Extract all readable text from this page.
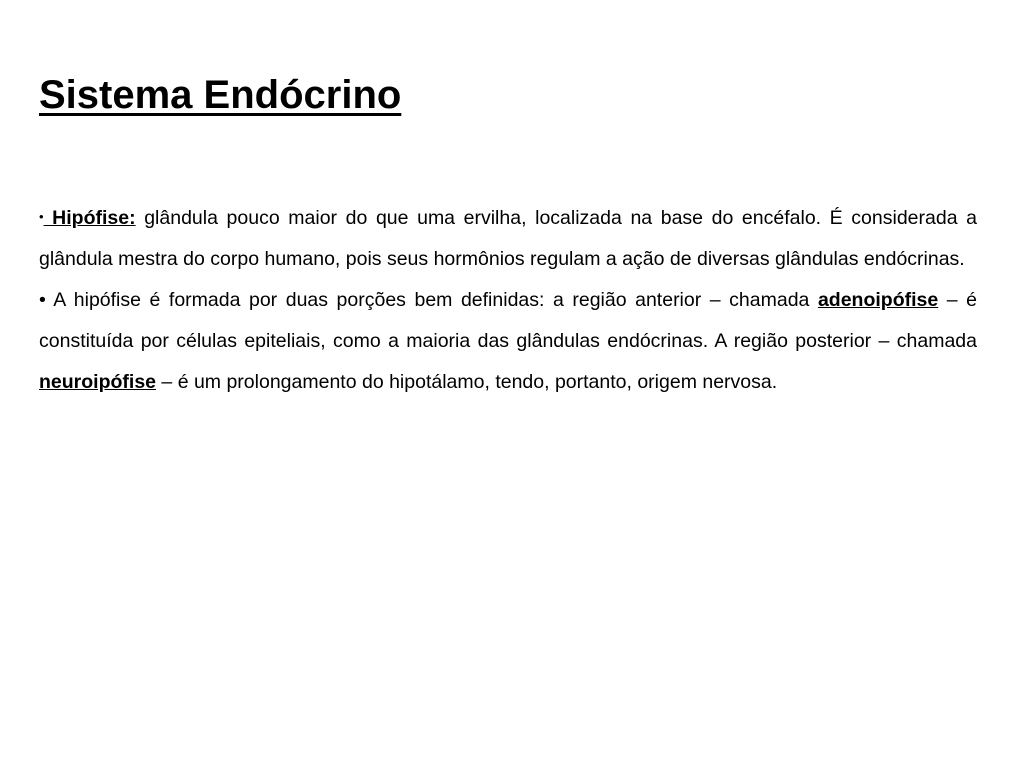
Sistema Endócrino

• Hipófise: glândula pouco maior do que uma ervilha, localizada na base do encéfalo. É considerada a glândula mestra do corpo humano, pois seus hormônios regulam a ação de diversas glândulas endócrinas.

• A hipófise é formada por duas porções bem definidas: a região anterior – chamada adenoipófise – é constituída por células epiteliais, como a maioria das glândulas endócrinas. A região posterior – chamada neuroipófise – é um prolongamento do hipotálamo, tendo, portanto, origem nervosa.
